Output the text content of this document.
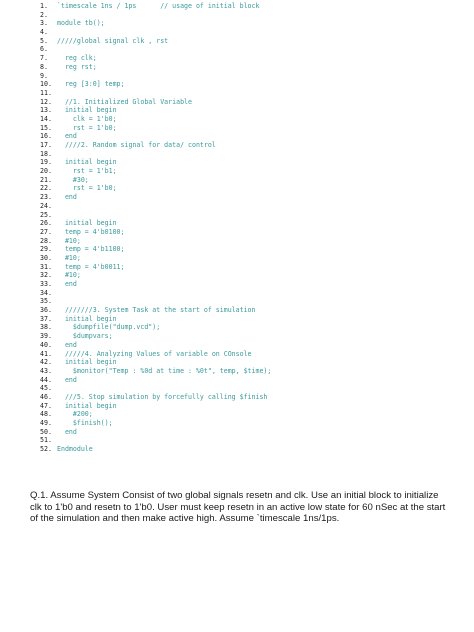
1. `timescale 1ns / 1ps      // usage of initial block
2.
3. module tb();
4.
5. /////global signal clk , rst
6.
7.  reg clk;
8.  reg rst;
9.
10.  reg [3:0] temp;
11.
12.  //1. Initialized Global Variable
13.  initial begin
14.    clk = 1'b0;
15.    rst = 1'b0;
16.  end
17.  ////2. Random signal for data/ control
18.
19.  initial begin
20.    rst = 1'b1;
21.    #30;
22.    rst = 1'b0;
23.  end
24.
25.
26.  initial begin
27.  temp = 4'b0100;
28.  #10;
29.  temp = 4'b1100;
30.  #10;
31.  temp = 4'b0011;
32.  #10;
33.  end
34.
35.
36.  ///////3. System Task at the start of simulation
37.  initial begin
38.    $dumpfile("dump.vcd");
39.    $dumpvars;
40.  end
41.  /////4. Analyzing Values of variable on COnsole
42.  initial begin
43.    $monitor("Temp : %0d at time : %0t", temp, $time);
44.  end
45.
46.  ///5. Stop simulation by forcefully calling $finish
47.  initial begin
48.    #200;
49.    $finish();
50.  end
51.
52. Endmodule
Q.1. Assume System Consist of two global signals resetn and clk. Use an initial block to initialize clk to 1'b0 and resetn to 1'b0. User must keep resetn in an active low state for 60 nSec at the start of the simulation and then make active high. Assume `timescale 1ns/1ps.
